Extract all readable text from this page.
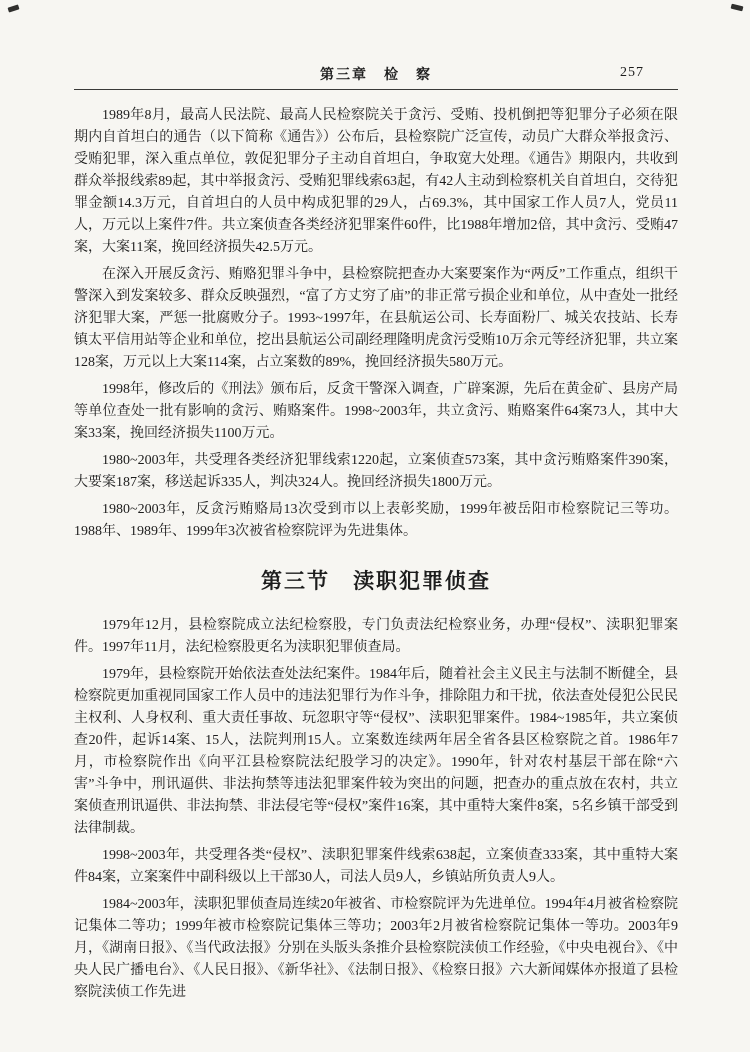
第三章　检　察	257

1989年8月，最高人民法院、最高人民检察院关于贪污、受贿、投机倒把等犯罪分子必须在限期内自首坦白的通告（以下简称《通告》）公布后，县检察院广泛宣传，动员广大群众举报贪污、受贿犯罪，深入重点单位，敦促犯罪分子主动自首坦白，争取宽大处理。《通告》期限内，共收到群众举报线索89起，其中举报贪污、受贿犯罪线索63起，有42人主动到检察机关自首坦白，交待犯罪金额14.3万元，自首坦白的人员中构成犯罪的29人，占69.3%，其中国家工作人员7人，党员11人，万元以上案件7件。共立案侦查各类经济犯罪案件60件，比1988年增加2倍，其中贪污、受贿47案，大案11案，挽回经济损失42.5万元。

在深入开展反贪污、贿赂犯罪斗争中，县检察院把查办大案要案作为“两反”工作重点，组织干警深入到发案较多、群众反映强烈，“富了方丈穷了庙”的非正常亏损企业和单位，从中查处一批经济犯罪大案，严惩一批腐败分子。1993~1997年，在县航运公司、长寿面粉厂、城关农技站、长寿镇太平信用站等企业和单位，挖出县航运公司副经理隆明虎贪污受贿10万余元等经济犯罪，共立案128案，万元以上大案114案，占立案数的89%，挽回经济损失580万元。

1998年，修改后的《刑法》颁布后，反贪干警深入调查，广辟案源，先后在黄金矿、县房产局等单位查处一批有影响的贪污、贿赂案件。1998~2003年，共立贪污、贿赂案件64案73人，其中大案33案，挽回经济损失1100万元。

1980~2003年，共受理各类经济犯罪线索1220起，立案侦查573案，其中贪污贿赂案件390案，大要案187案，移送起诉335人，判决324人。挽回经济损失1800万元。

1980~2003年，反贪污贿赂局13次受到市以上表彰奖励，1999年被岳阳市检察院记三等功。1988年、1989年、1999年3次被省检察院评为先进集体。

第三节　渎职犯罪侦查

1979年12月，县检察院成立法纪检察股，专门负责法纪检察业务，办理“侵权”、渎职犯罪案件。1997年11月，法纪检察股更名为渎职犯罪侦查局。

1979年，县检察院开始依法查处法纪案件。1984年后，随着社会主义民主与法制不断健全，县检察院更加重视同国家工作人员中的违法犯罪行为作斗争，排除阻力和干扰，依法查处侵犯公民民主权利、人身权利、重大责任事故、玩忽职守等“侵权”、渎职犯罪案件。1984~1985年，共立案侦查20件，起诉14案、15人，法院判刑15人。立案数连续两年居全省各县区检察院之首。1986年7月，市检察院作出《向平江县检察院法纪股学习的决定》。1990年，针对农村基层干部在除“六害”斗争中，刑讯逼供、非法拘禁等违法犯罪案件较为突出的问题，把查办的重点放在农村，共立案侦查刑讯逼供、非法拘禁、非法侵宅等“侵权”案件16案，其中重特大案件8案，5名乡镇干部受到法律制裁。

1998~2003年，共受理各类“侵权”、渎职犯罪案件线索638起，立案侦查333案，其中重特大案件84案，立案案件中副科级以上干部30人，司法人员9人，乡镇站所负责人9人。

1984~2003年，渎职犯罪侦查局连续20年被省、市检察院评为先进单位。1994年4月被省检察院记集体二等功；1999年被市检察院记集体三等功；2003年2月被省检察院记集体一等功。2003年9月，《湖南日报》、《当代政法报》分别在头版头条推介县检察院渎侦工作经验，《中央电视台》、《中央人民广播电台》、《人民日报》、《新华社》、《法制日报》、《检察日报》六大新闻媒体亦报道了县检察院渎侦工作先进
